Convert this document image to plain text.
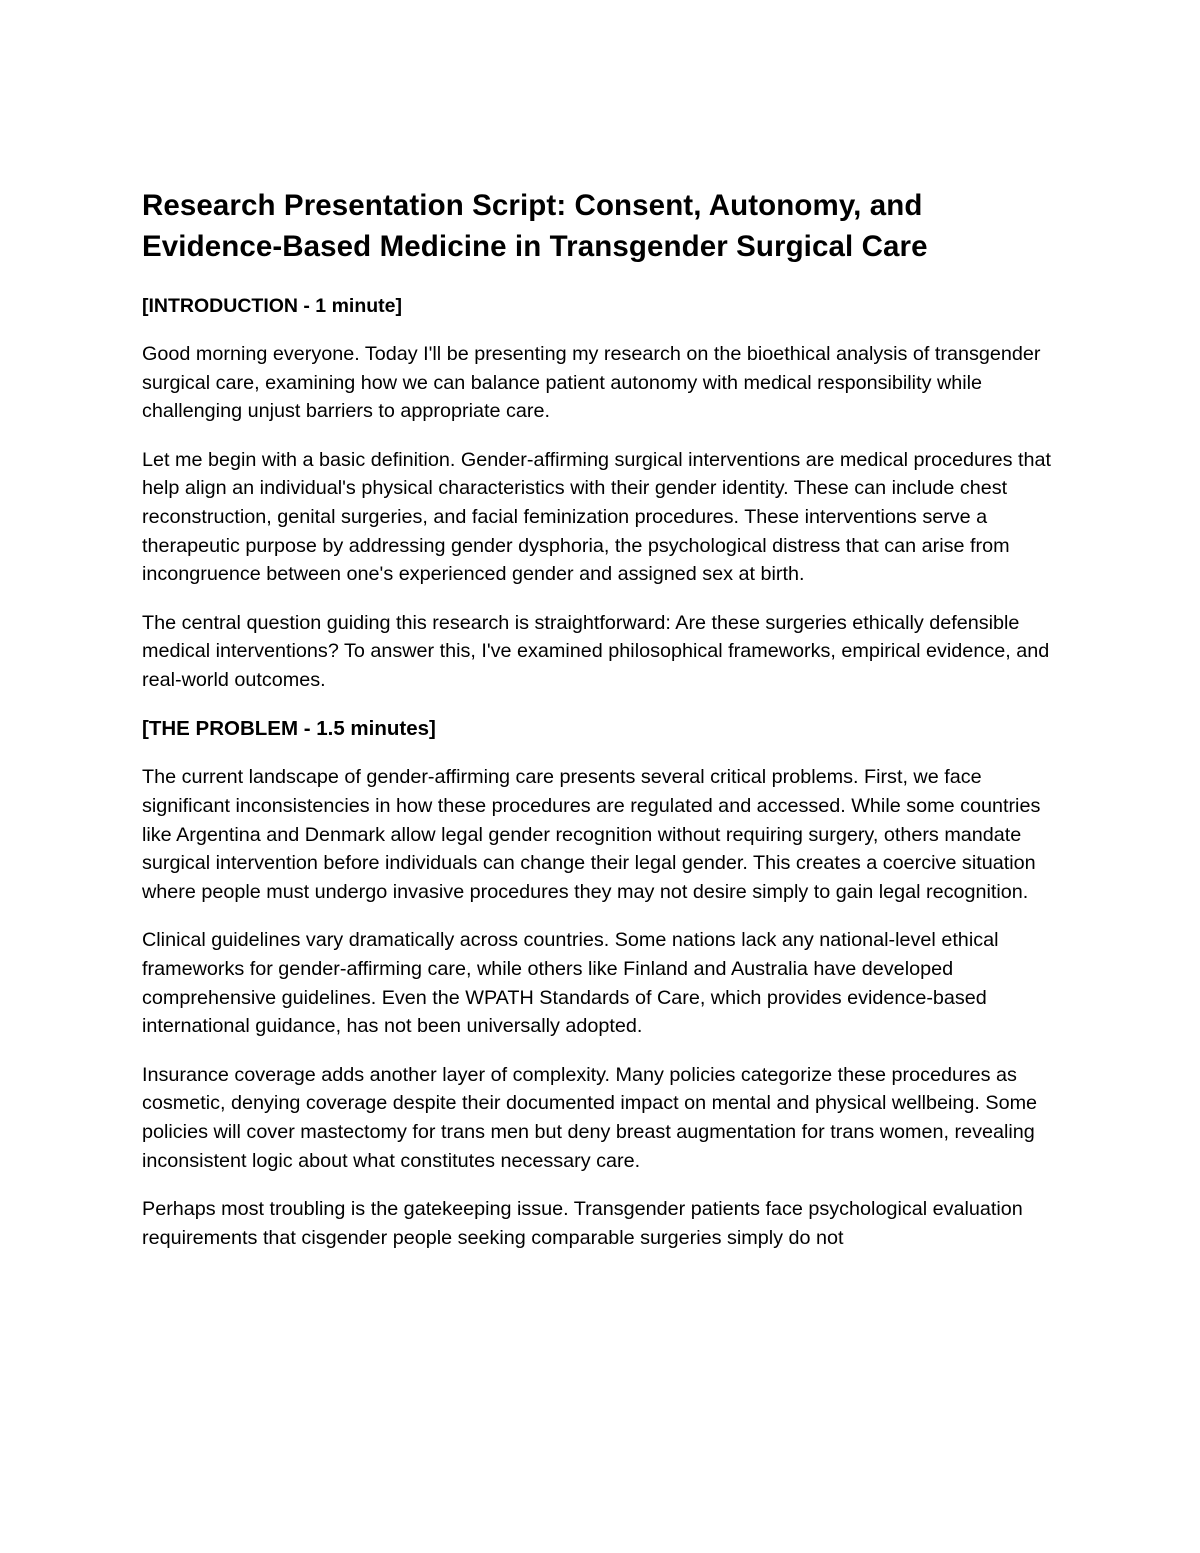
Research Presentation Script: Consent, Autonomy, and Evidence-Based Medicine in Transgender Surgical Care
[INTRODUCTION - 1 minute]

Good morning everyone. Today I'll be presenting my research on the bioethical analysis of transgender surgical care, examining how we can balance patient autonomy with medical responsibility while challenging unjust barriers to appropriate care.

Let me begin with a basic definition. Gender-affirming surgical interventions are medical procedures that help align an individual's physical characteristics with their gender identity. These can include chest reconstruction, genital surgeries, and facial feminization procedures. These interventions serve a therapeutic purpose by addressing gender dysphoria, the psychological distress that can arise from incongruence between one's experienced gender and assigned sex at birth.

The central question guiding this research is straightforward: Are these surgeries ethically defensible medical interventions? To answer this, I've examined philosophical frameworks, empirical evidence, and real-world outcomes.

[THE PROBLEM - 1.5 minutes]

The current landscape of gender-affirming care presents several critical problems. First, we face significant inconsistencies in how these procedures are regulated and accessed. While some countries like Argentina and Denmark allow legal gender recognition without requiring surgery, others mandate surgical intervention before individuals can change their legal gender. This creates a coercive situation where people must undergo invasive procedures they may not desire simply to gain legal recognition.

Clinical guidelines vary dramatically across countries. Some nations lack any national-level ethical frameworks for gender-affirming care, while others like Finland and Australia have developed comprehensive guidelines. Even the WPATH Standards of Care, which provides evidence-based international guidance, has not been universally adopted.

Insurance coverage adds another layer of complexity. Many policies categorize these procedures as cosmetic, denying coverage despite their documented impact on mental and physical wellbeing. Some policies will cover mastectomy for trans men but deny breast augmentation for trans women, revealing inconsistent logic about what constitutes necessary care.

Perhaps most troubling is the gatekeeping issue. Transgender patients face psychological evaluation requirements that cisgender people seeking comparable surgeries simply do not
